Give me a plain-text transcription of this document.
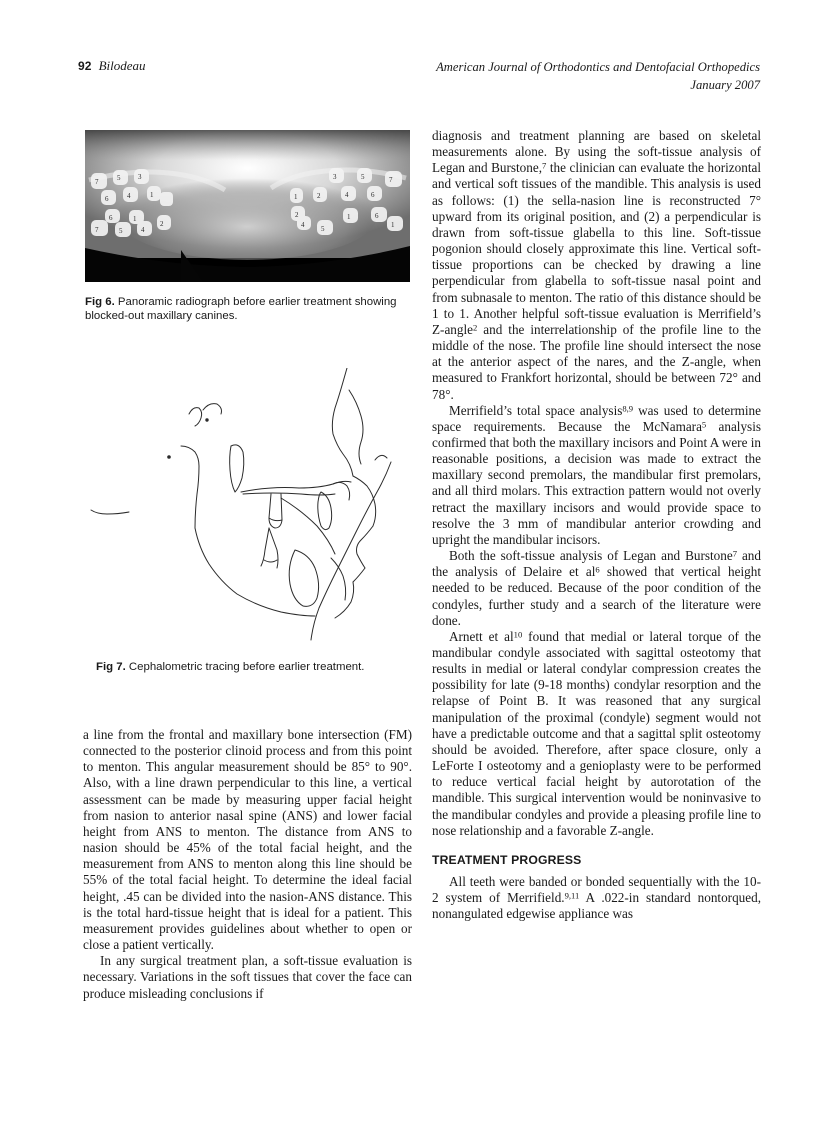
92 Bilodeau	American Journal of Orthodontics and Dentofacial Orthopedics
January 2007
7	5	3
6	4	1
6	1
7	5	4
2
7
5
3
6
4
2
1
6
1
2
1
5
4
Fig 6. Panoramic radiograph before earlier treatment showing blocked-out maxillary canines.
Fig 7. Cephalometric tracing before earlier treatment.

a line from the frontal and maxillary bone intersection (FM) connected to the posterior clinoid process and from this point to menton. This angular measurement should be 85° to 90°. Also, with a line drawn perpendicular to this line, a vertical assessment can be made by measuring upper facial height from nasion to anterior nasal spine (ANS) and lower facial height from ANS to menton. The distance from ANS to nasion should be 45% of the total facial height, and the measurement from ANS to menton along this line should be 55% of the total facial height. To determine the ideal facial height, .45 can be divided into the nasion-ANS distance. This is the total hard-tissue height that is ideal for a patient. This measurement provides guidelines about whether to open or close a patient vertically.

In any surgical treatment plan, a soft-tissue evaluation is necessary. Variations in the soft tissues that cover the face can produce misleading conclusions if

diagnosis and treatment planning are based on skeletal measurements alone. By using the soft-tissue analysis of Legan and Burstone,$^7$ the clinician can evaluate the horizontal and vertical soft tissues of the mandible. This analysis is used as follows: (1) the sella-nasion line is reconstructed 7° upward from its original position, and (2) a perpendicular is drawn from soft-tissue glabella to this line. Soft-tissue pogonion should closely approximate this line. Vertical soft-tissue proportions can be checked by drawing a line perpendicular from glabella to soft-tissue nasal point and from subnasale to menton. The ratio of this distance should be 1 to 1. Another helpful soft-tissue evaluation is Merrifield’s Z-angle$^2$ and the interrelationship of the profile line to the middle of the nose. The profile line should intersect the nose at the anterior aspect of the nares, and the Z-angle, when measured to Frankfort horizontal, should be between 72° and 78°.

Merrifield’s total space analysis$^{8,9}$ was used to determine space requirements. Because the McNamara$^5$ analysis confirmed that both the maxillary incisors and Point A were in reasonable positions, a decision was made to extract the maxillary second premolars, the mandibular first premolars, and all third molars. This extraction pattern would not overly retract the maxillary incisors and would provide space to resolve the 3 mm of mandibular anterior crowding and upright the mandibular incisors.

Both the soft-tissue analysis of Legan and Burstone$^7$ and the analysis of Delaire et $al^6$ showed that vertical height needed to be reduced. Because of the poor condition of the condyles, further study and a search of the literature were done.

Arnett et $al^{10}$ found that medial or lateral torque of the mandibular condyle associated with sagittal osteotomy that results in medial or lateral condylar compression creates the possibility for late (9-18 months) condylar resorption and the relapse of Point B. It was reasoned that any surgical manipulation of the proximal (condyle) segment would not have a predictable outcome and that a sagittal split osteotomy should be avoided. Therefore, after space closure, only a LeForte I osteotomy and a genioplasty were to be performed to reduce vertical facial height by autorotation of the mandible. This surgical intervention would be noninvasive to the mandibular condyles and provide a pleasing profile line to nose relationship and a favorable Z-angle.

TREATMENT PROGRESS

All teeth were banded or bonded sequentially with the 10-2 system of Merrifield.$^{9,11}$ A .022-in standard nontorqued, nonangulated edgewise appliance was
